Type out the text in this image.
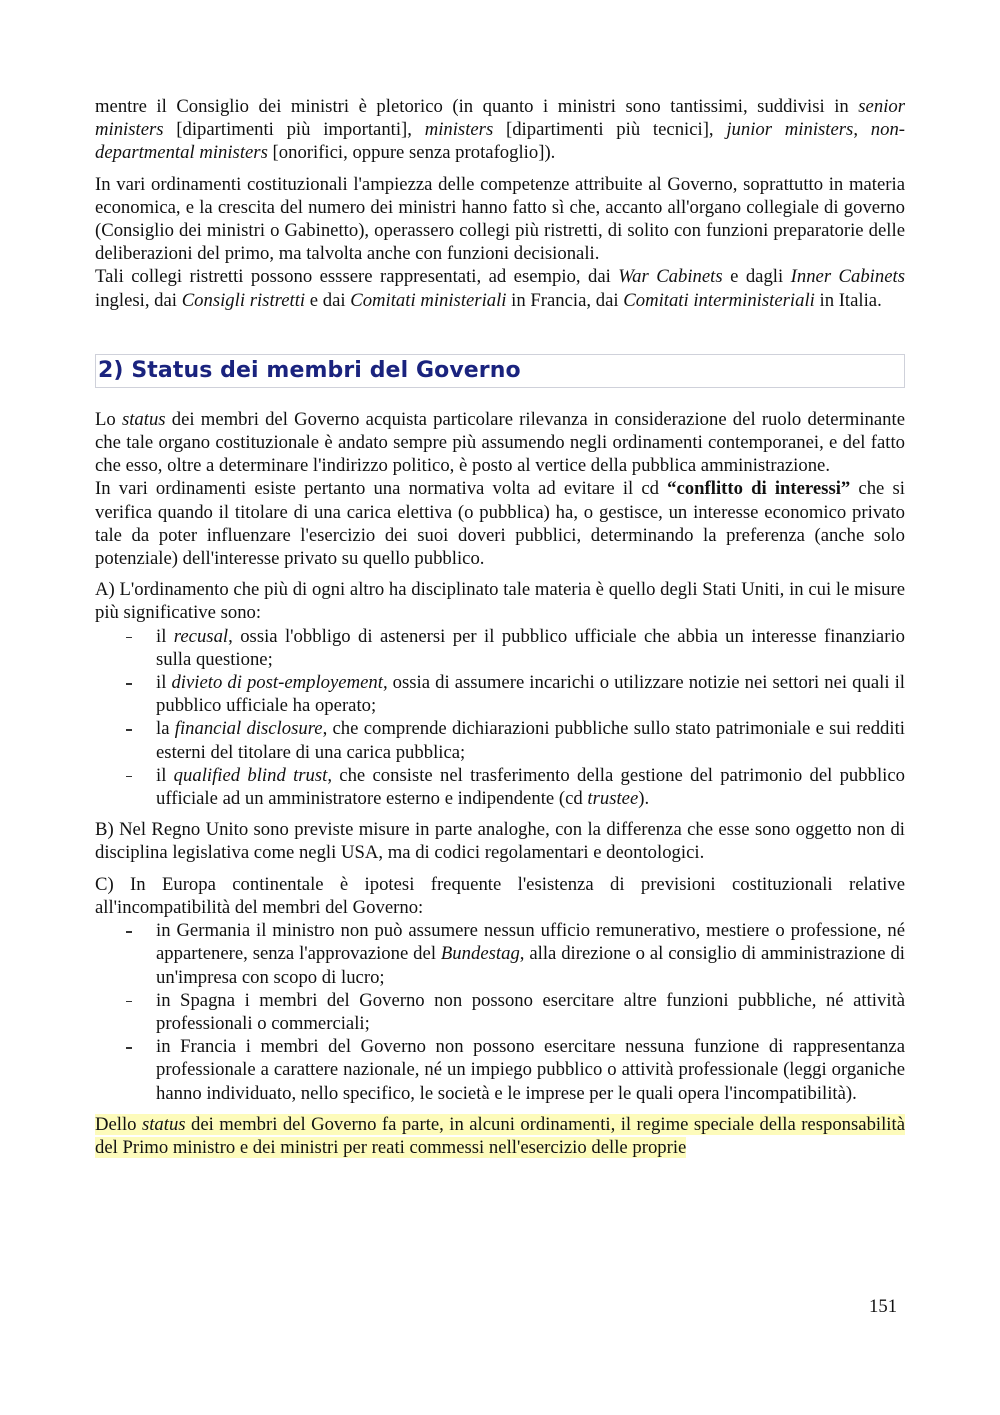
mentre il Consiglio dei ministri è pletorico (in quanto i ministri sono tantissimi, suddivisi in senior ministers [dipartimenti più importanti], ministers [dipartimenti più tecnici], junior ministers, non-departmental ministers [onorifici, oppure senza protafoglio]).

In vari ordinamenti costituzionali l'ampiezza delle competenze attribuite al Governo, soprattutto in materia economica, e la crescita del numero dei ministri hanno fatto sì che, accanto all'organo collegiale di governo (Consiglio dei ministri o Gabinetto), operassero collegi più ristretti, di solito con funzioni preparatorie delle deliberazioni del primo, ma talvolta anche con funzioni decisionali.

Tali collegi ristretti possono esssere rappresentati, ad esempio, dai War Cabinets e dagli Inner Cabinets inglesi, dai Consigli ristretti e dai Comitati ministeriali in Francia, dai Comitati interministeriali in Italia.

2) Status dei membri del Governo

Lo status dei membri del Governo acquista particolare rilevanza in considerazione del ruolo determinante che tale organo costituzionale è andato sempre più assumendo negli ordinamenti contemporanei, e del fatto che esso, oltre a determinare l'indirizzo politico, è posto al vertice della pubblica amministrazione.

In vari ordinamenti esiste pertanto una normativa volta ad evitare il cd “conflitto di interessi” che si verifica quando il titolare di una carica elettiva (o pubblica) ha, o gestisce, un interesse economico privato tale da poter influenzare l'esercizio dei suoi doveri pubblici, determinando la preferenza (anche solo potenziale) dell'interesse privato su quello pubblico.

A) L'ordinamento che più di ogni altro ha disciplinato tale materia è quello degli Stati Uniti, in cui le misure più significative sono:

il recusal, ossia l'obbligo di astenersi per il pubblico ufficiale che abbia un interesse finanziario sulla questione;
il divieto di post-employement, ossia di assumere incarichi o utilizzare notizie nei settori nei quali il pubblico ufficiale ha operato;
la financial disclosure, che comprende dichiarazioni pubbliche sullo stato patrimoniale e sui redditi esterni del titolare di una carica pubblica;
il qualified blind trust, che consiste nel trasferimento della gestione del patrimonio del pubblico ufficiale ad un amministratore esterno e indipendente (cd trustee).

B) Nel Regno Unito sono previste misure in parte analoghe, con la differenza che esse sono oggetto non di disciplina legislativa come negli USA, ma di codici regolamentari e deontologici.

C) In Europa continentale è ipotesi frequente l'esistenza di previsioni costituzionali relative all'incompatibilità del membri del Governo:

in Germania il ministro non può assumere nessun ufficio remunerativo, mestiere o professione, né appartenere, senza l'approvazione del Bundestag, alla direzione o al consiglio di amministrazione di un'impresa con scopo di lucro;
in Spagna i membri del Governo non possono esercitare altre funzioni pubbliche, né attività professionali o commerciali;
in Francia i membri del Governo non possono esercitare nessuna funzione di rappresentanza professionale a carattere nazionale, né un impiego pubblico o attività professionale (leggi organiche hanno individuato, nello specifico, le società e le imprese per le quali opera l'incompatibilità).

Dello status dei membri del Governo fa parte, in alcuni ordinamenti, il regime speciale della responsabilità del Primo ministro e dei ministri per reati commessi nell'esercizio delle proprie

151
